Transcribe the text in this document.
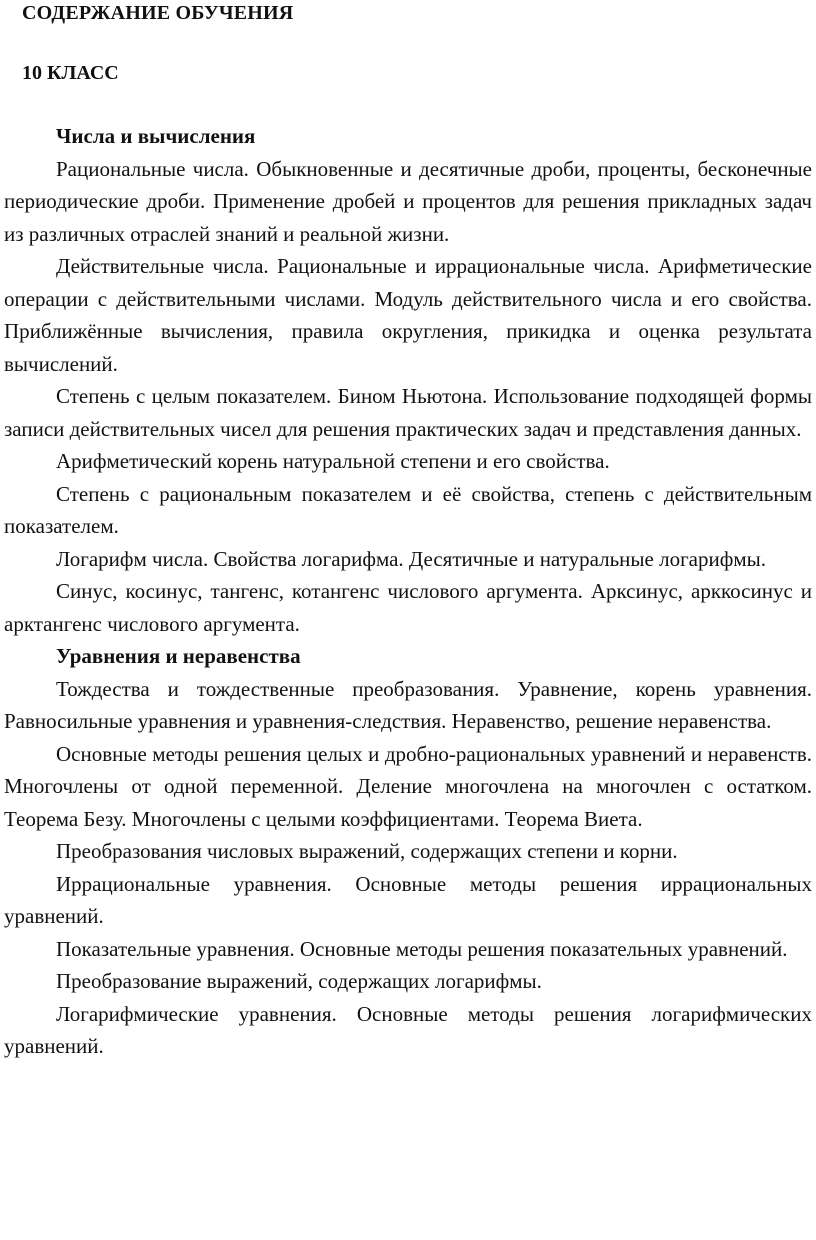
СОДЕРЖАНИЕ ОБУЧЕНИЯ

10 КЛАСС

Числа и вычисления

Рациональные числа. Обыкновенные и десятичные дроби, проценты, бесконечные периодические дроби. Применение дробей и процентов для решения прикладных задач из различных отраслей знаний и реальной жизни.

Действительные числа. Рациональные и иррациональные числа. Арифметические операции с действительными числами. Модуль действительного числа и его свойства. Приближённые вычисления, правила округления, прикидка и оценка результата вычислений.

Степень с целым показателем. Бином Ньютона. Использование подходящей формы записи действительных чисел для решения практических задач и представления данных.

Арифметический корень натуральной степени и его свойства.

Степень с рациональным показателем и её свойства, степень с действительным показателем.

Логарифм числа. Свойства логарифма. Десятичные и натуральные логарифмы.

Синус, косинус, тангенс, котангенс числового аргумента. Арксинус, арккосинус и арктангенс числового аргумента.

Уравнения и неравенства

Тождества и тождественные преобразования. Уравнение, корень уравнения. Равносильные уравнения и уравнения-следствия. Неравенство, решение неравенства.

Основные методы решения целых и дробно-рациональных уравнений и неравенств. Многочлены от одной переменной. Деление многочлена на многочлен с остатком. Теорема Безу. Многочлены с целыми коэффициентами. Теорема Виета.

Преобразования числовых выражений, содержащих степени и корни.

Иррациональные уравнения. Основные методы решения иррациональных уравнений.

Показательные уравнения. Основные методы решения показательных уравнений.

Преобразование выражений, содержащих логарифмы.

Логарифмические уравнения. Основные методы решения логарифмических уравнений.
